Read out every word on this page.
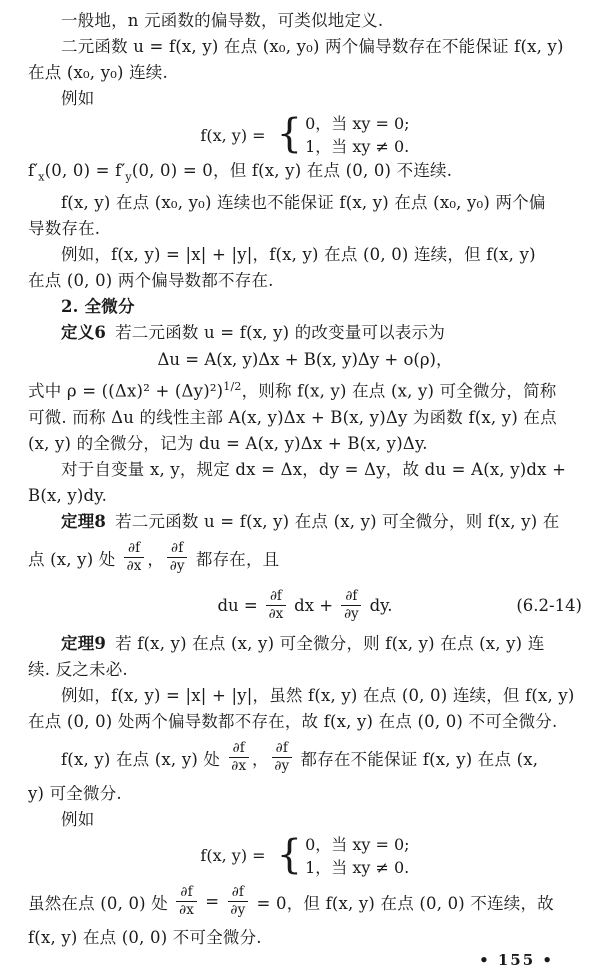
一般地，n 元函数的偏导数，可类似地定义.
二元函数 u = f(x, y) 在点 (x₀, y₀) 两个偏导数存在不能保证 f(x, y)
在点 (x₀, y₀) 连续.
例如
f(x, y) = { 0，当 xy = 0;
1，当 xy ≠ 0.
$f'_x(0$, $0) = f'_y(0$, 0) = 0，但 f(x, y) 在点 (0, 0) 不连续.
f(x, y) 在点 (x₀, y₀) 连续也不能保证 f(x, y) 在点 (x₀, y₀) 两个偏
导数存在.
例如，f(x, y) = |x| + |y|，f(x, y) 在点 (0, 0) 连续，但 f(x, y)
在点 (0, 0) 两个偏导数都不存在.
2. 全微分
定义6 若二元函数 u = f(x, y) 的改变量可以表示为
Δu = A(x, y)Δx + B(x, y)Δy + o(ρ)，
式中 $\rho = ((\Delta x)^2 + (\Delta y)^2)^{1/2}$，则称 f(x, y) 在点 (x, y) 可全微分，简称
可微. 而称 Δu 的线性主部 A(x, y)Δx + B(x, y)Δy 为函数 f(x, y) 在点
(x, y) 的全微分，记为 du = A(x, y)Δx + B(x, y)Δy.
对于自变量 x, y，规定 dx = Δx，dy = Δy，故 du = A(x, y)dx +
B(x, y)dy.
定理8 若二元函数 u = f(x, y) 在点 (x, y) 可全微分，则 f(x, y) 在
点 (x, y) 处 $\frac{\partial f}{\partial x}$ ， $\frac{\partial f}{\partial y}$ 都存在，且
du = $\frac{\partial f}{\partial x}$ dx + $\frac{\partial f}{\partial y}$ dy.	(6.2-14)
定理9 若 f(x, y) 在点 (x, y) 可全微分，则 f(x, y) 在点 (x, y) 连
续. 反之未必.
例如，f(x, y) = |x| + |y|，虽然 f(x, y) 在点 (0, 0) 连续，但 f(x, y)
在点 (0, 0) 处两个偏导数都不存在，故 f(x, y) 在点 (0, 0) 不可全微分.
f(x, y) 在点 (x, y) 处 $\frac{\partial f}{\partial x}$ ， $\frac{\partial f}{\partial y}$ 都存在不能保证 f(x, y) 在点 (x,
y) 可全微分.
例如
f(x, y) = { 0，当 xy = 0;
1，当 xy ≠ 0.
虽然在点 (0, 0) 处 $\frac{\partial f}{\partial x} = \frac{\partial f}{\partial y} = 0$，但 f(x, y) 在点 (0, 0) 不连续，故
f(x, y) 在点 (0, 0) 不可全微分.
• 155 •
